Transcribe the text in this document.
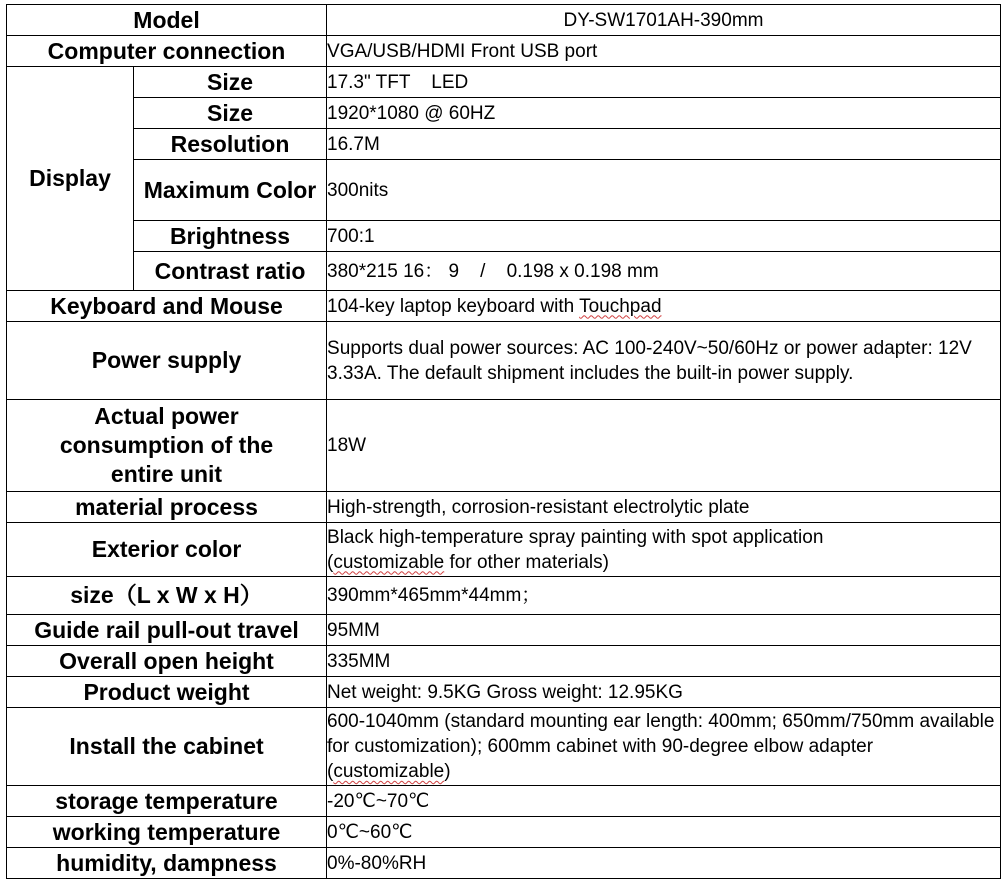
Model		DY-SW1701AH-390mm
Computer connection		VGA/USB/HDMI Front USB port
Display	Size	17.3" TFT    LED
	Size	1920*1080 @ 60HZ
	Resolution	16.7M
	Maximum Color	300nits
	Brightness	700:1
	Contrast ratio	380*215 16： 9    /    0.198 x 0.198 mm
Keyboard and Mouse		104-key laptop keyboard with Touchpad
Power supply		Supports dual power sources: AC 100-240V~50/60Hz or power adapter: 12V 3.33A. The default shipment includes the built-in power supply.
Actual power consumption of the entire unit		18W
material process		High-strength, corrosion-resistant electrolytic plate
Exterior color		Black high-temperature spray painting with spot application
(customizable for other materials)
size（L x W x H）		390mm*465mm*44mm；
Guide rail pull-out travel		95MM
Overall open height		335MM
Product weight		Net weight: 9.5KG Gross weight: 12.95KG
Install the cabinet		600-1040mm (standard mounting ear length: 400mm; 650mm/750mm available for customization); 600mm cabinet with 90-degree elbow adapter (customizable)
storage temperature		-20℃~70℃
working temperature		0℃~60℃
humidity, dampness		0%-80%RH
